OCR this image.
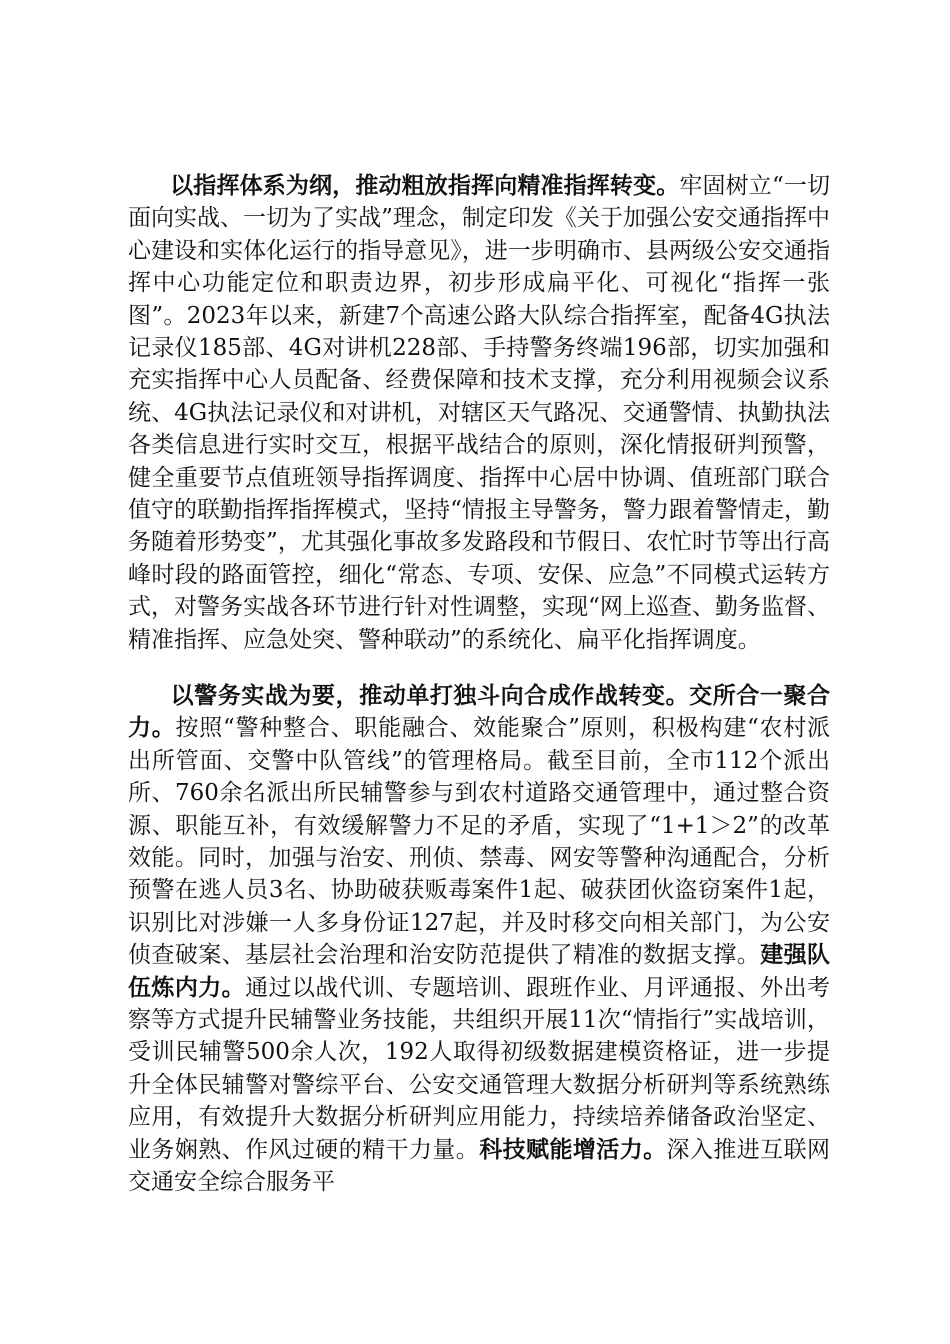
以指挥体系为纲，推动粗放指挥向精准指挥转变。牢固树立“一切面向实战、一切为了实战”理念，制定印发《关于加强公安交通指挥中心建设和实体化运行的指导意见》，进一步明确市、县两级公安交通指挥中心功能定位和职责边界，初步形成扁平化、可视化“指挥一张图”。2023年以来，新建7个高速公路大队综合指挥室，配备4G执法记录仪185部、4G对讲机228部、手持警务终端196部，切实加强和充实指挥中心人员配备、经费保障和技术支撑，充分利用视频会议系统、4G执法记录仪和对讲机，对辖区天气路况、交通警情、执勤执法各类信息进行实时交互，根据平战结合的原则，深化情报研判预警，健全重要节点值班领导指挥调度、指挥中心居中协调、值班部门联合值守的联勤指挥指挥模式，坚持“情报主导警务，警力跟着警情走，勤务随着形势变”，尤其强化事故多发路段和节假日、农忙时节等出行高峰时段的路面管控，细化“常态、专项、安保、应急”不同模式运转方式，对警务实战各环节进行针对性调整，实现“网上巡查、勤务监督、精准指挥、应急处突、警种联动”的系统化、扁平化指挥调度。
以警务实战为要，推动单打独斗向合成作战转变。交所合一聚合力。按照“警种整合、职能融合、效能聚合”原则，积极构建“农村派出所管面、交警中队管线”的管理格局。截至目前，全市112个派出所、760余名派出所民辅警参与到农村道路交通管理中，通过整合资源、职能互补，有效缓解警力不足的矛盾，实现了“1+1＞2”的改革效能。同时，加强与治安、刑侦、禁毒、网安等警种沟通配合，分析预警在逃人员3名、协助破获贩毒案件1起、破获团伙盗窃案件1起，识别比对涉嫌一人多身份证127起，并及时移交向相关部门，为公安侦查破案、基层社会治理和治安防范提供了精准的数据支撑。建强队伍炼内力。通过以战代训、专题培训、跟班作业、月评通报、外出考察等方式提升民辅警业务技能，共组织开展11次“情指行”实战培训，受训民辅警500余人次，192人取得初级数据建模资格证，进一步提升全体民辅警对警综平台、公安交通管理大数据分析研判等系统熟练应用，有效提升大数据分析研判应用能力，持续培养储备政治坚定、业务娴熟、作风过硬的精干力量。科技赋能增活力。深入推进互联网交通安全综合服务平
